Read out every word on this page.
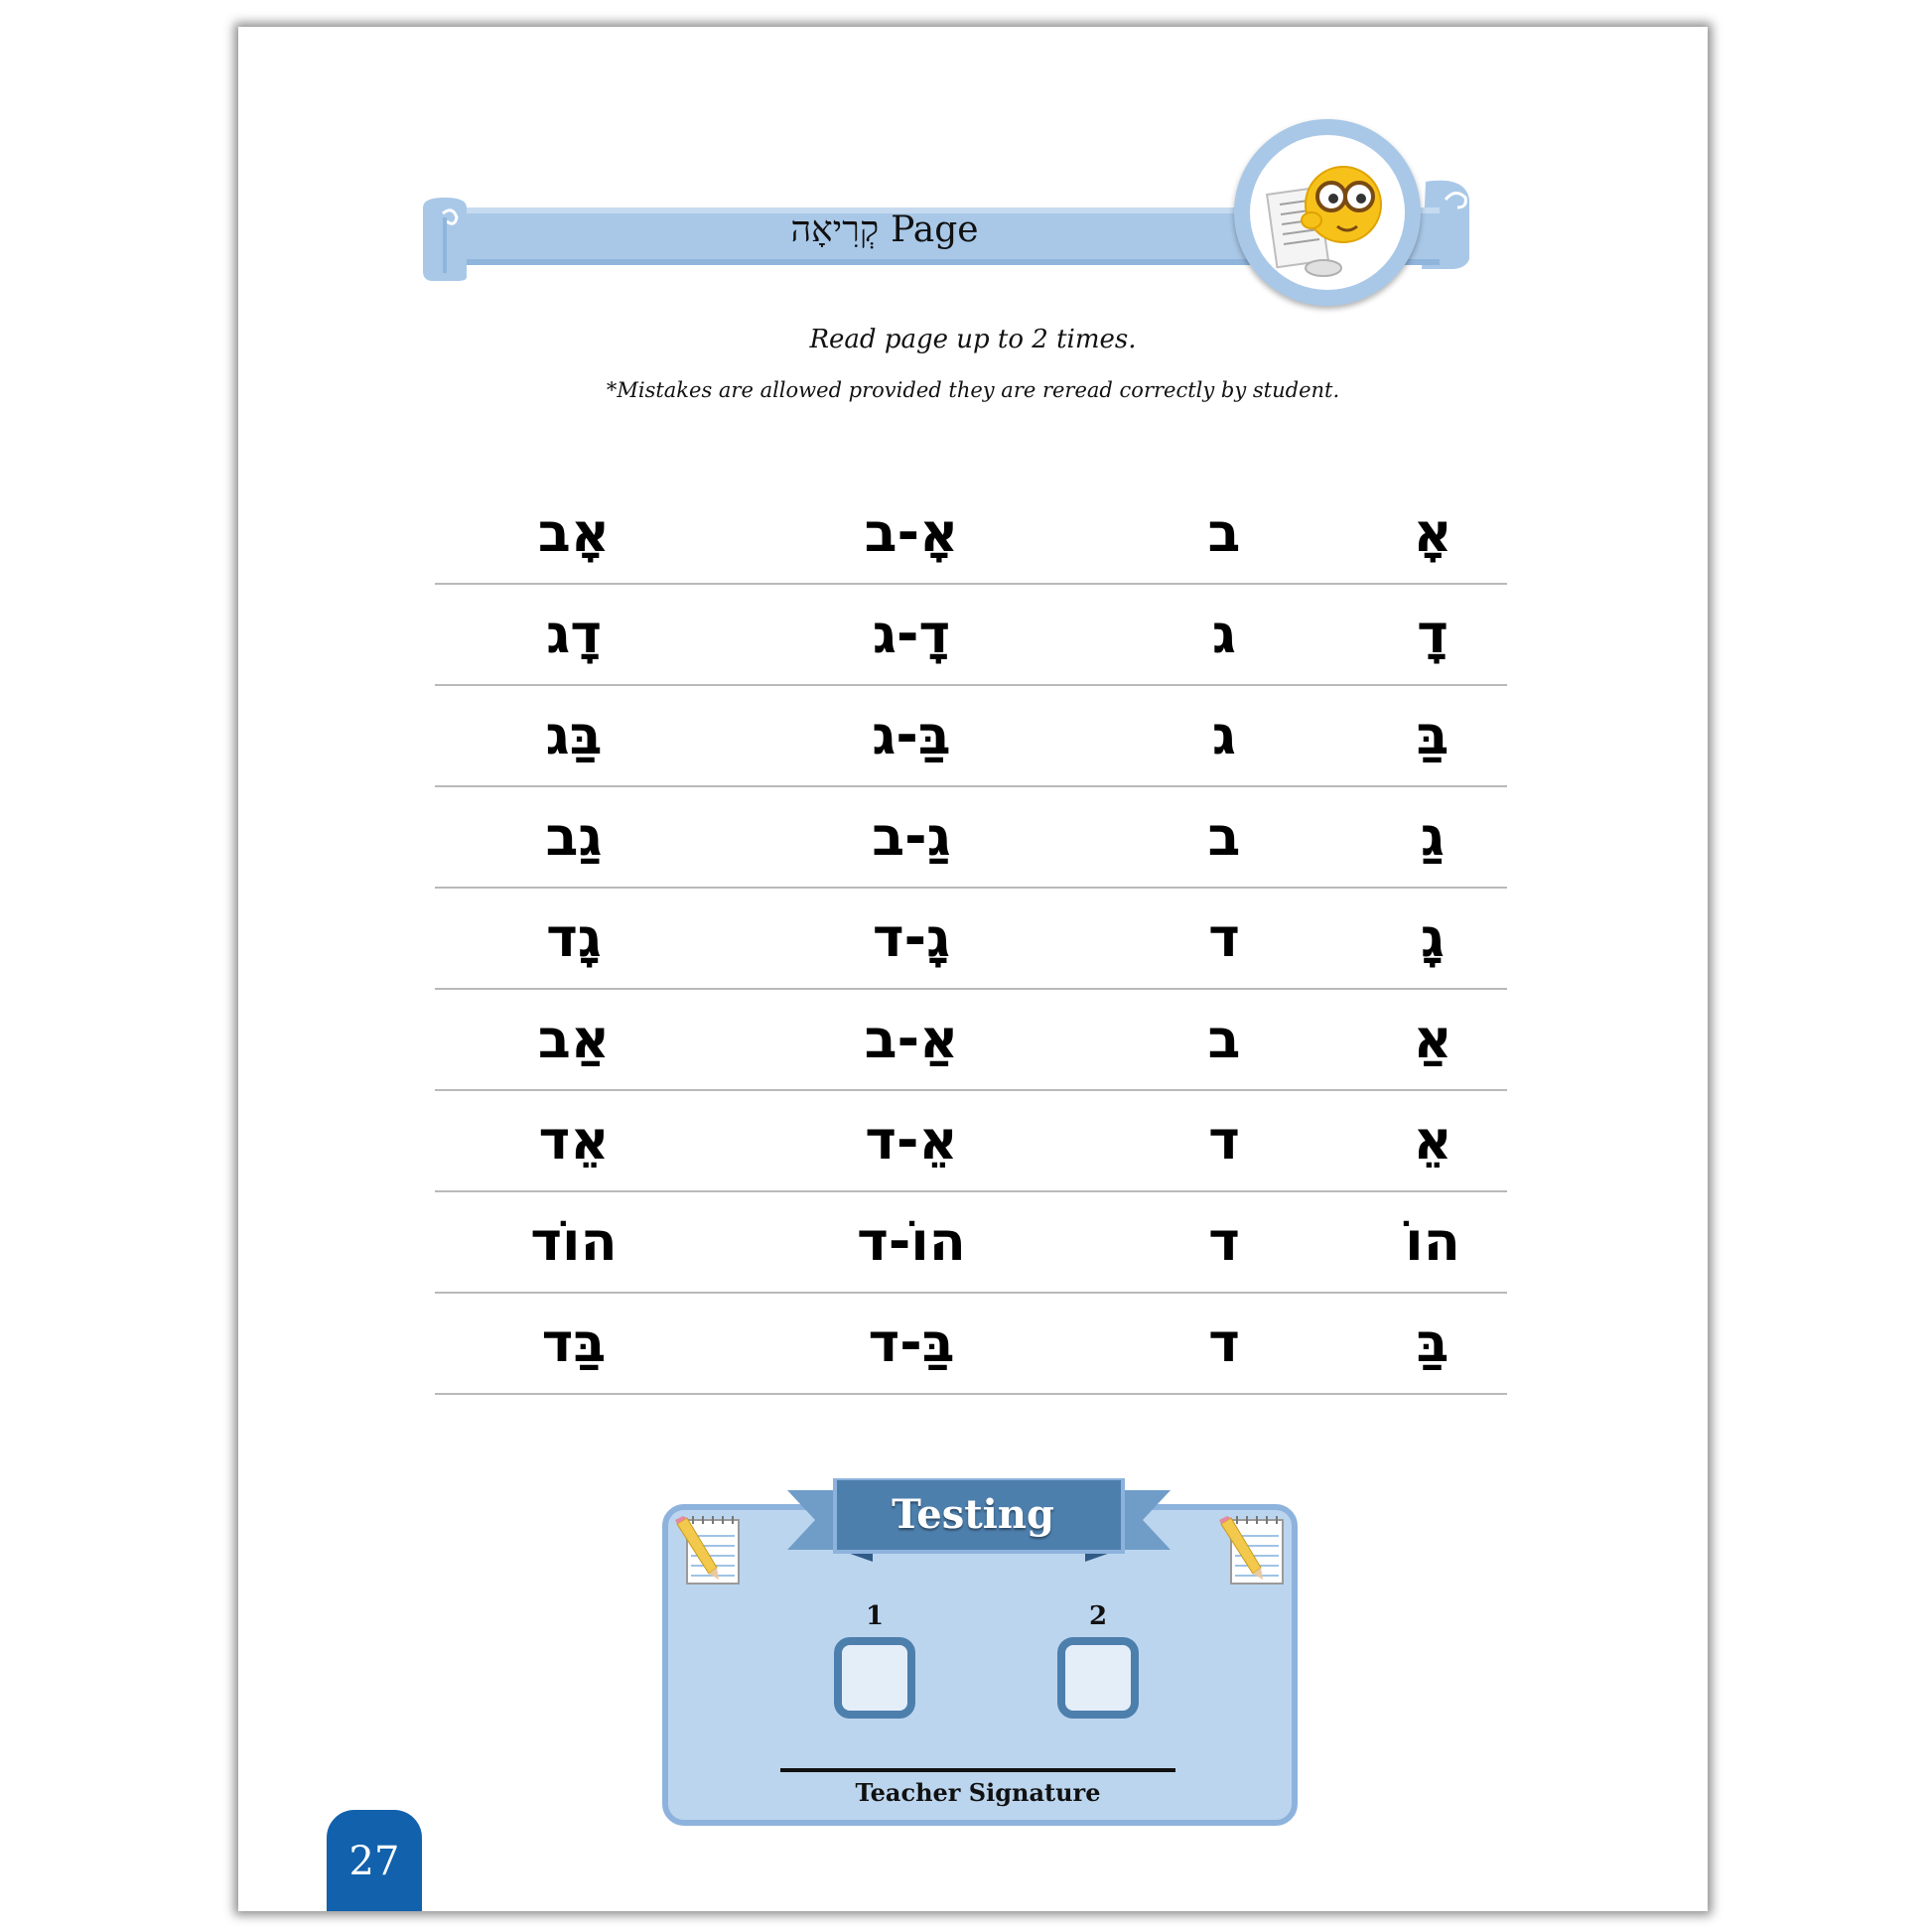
קְרִיאָה Page
Read page up to 2 times.
*Mistakes are allowed provided they are reread correctly by student.
אָ
ב
אָ-ב
אָב
דָ
ג
דָ-ג
דָג
בַּ
ג
בַּ-ג
בַּג
גַ
ב
גַ-ב
גַב
גָ
ד
גָ-ד
גָד
אַ
ב
אַ-ב
אַב
אֵ
ד
אֵ-ד
אֵד
הוֹ
ד
הוֹ-ד
הוֹד
בַּ
ד
בַּ-ד
בַּד
Testing
1	2
Teacher Signature
27
